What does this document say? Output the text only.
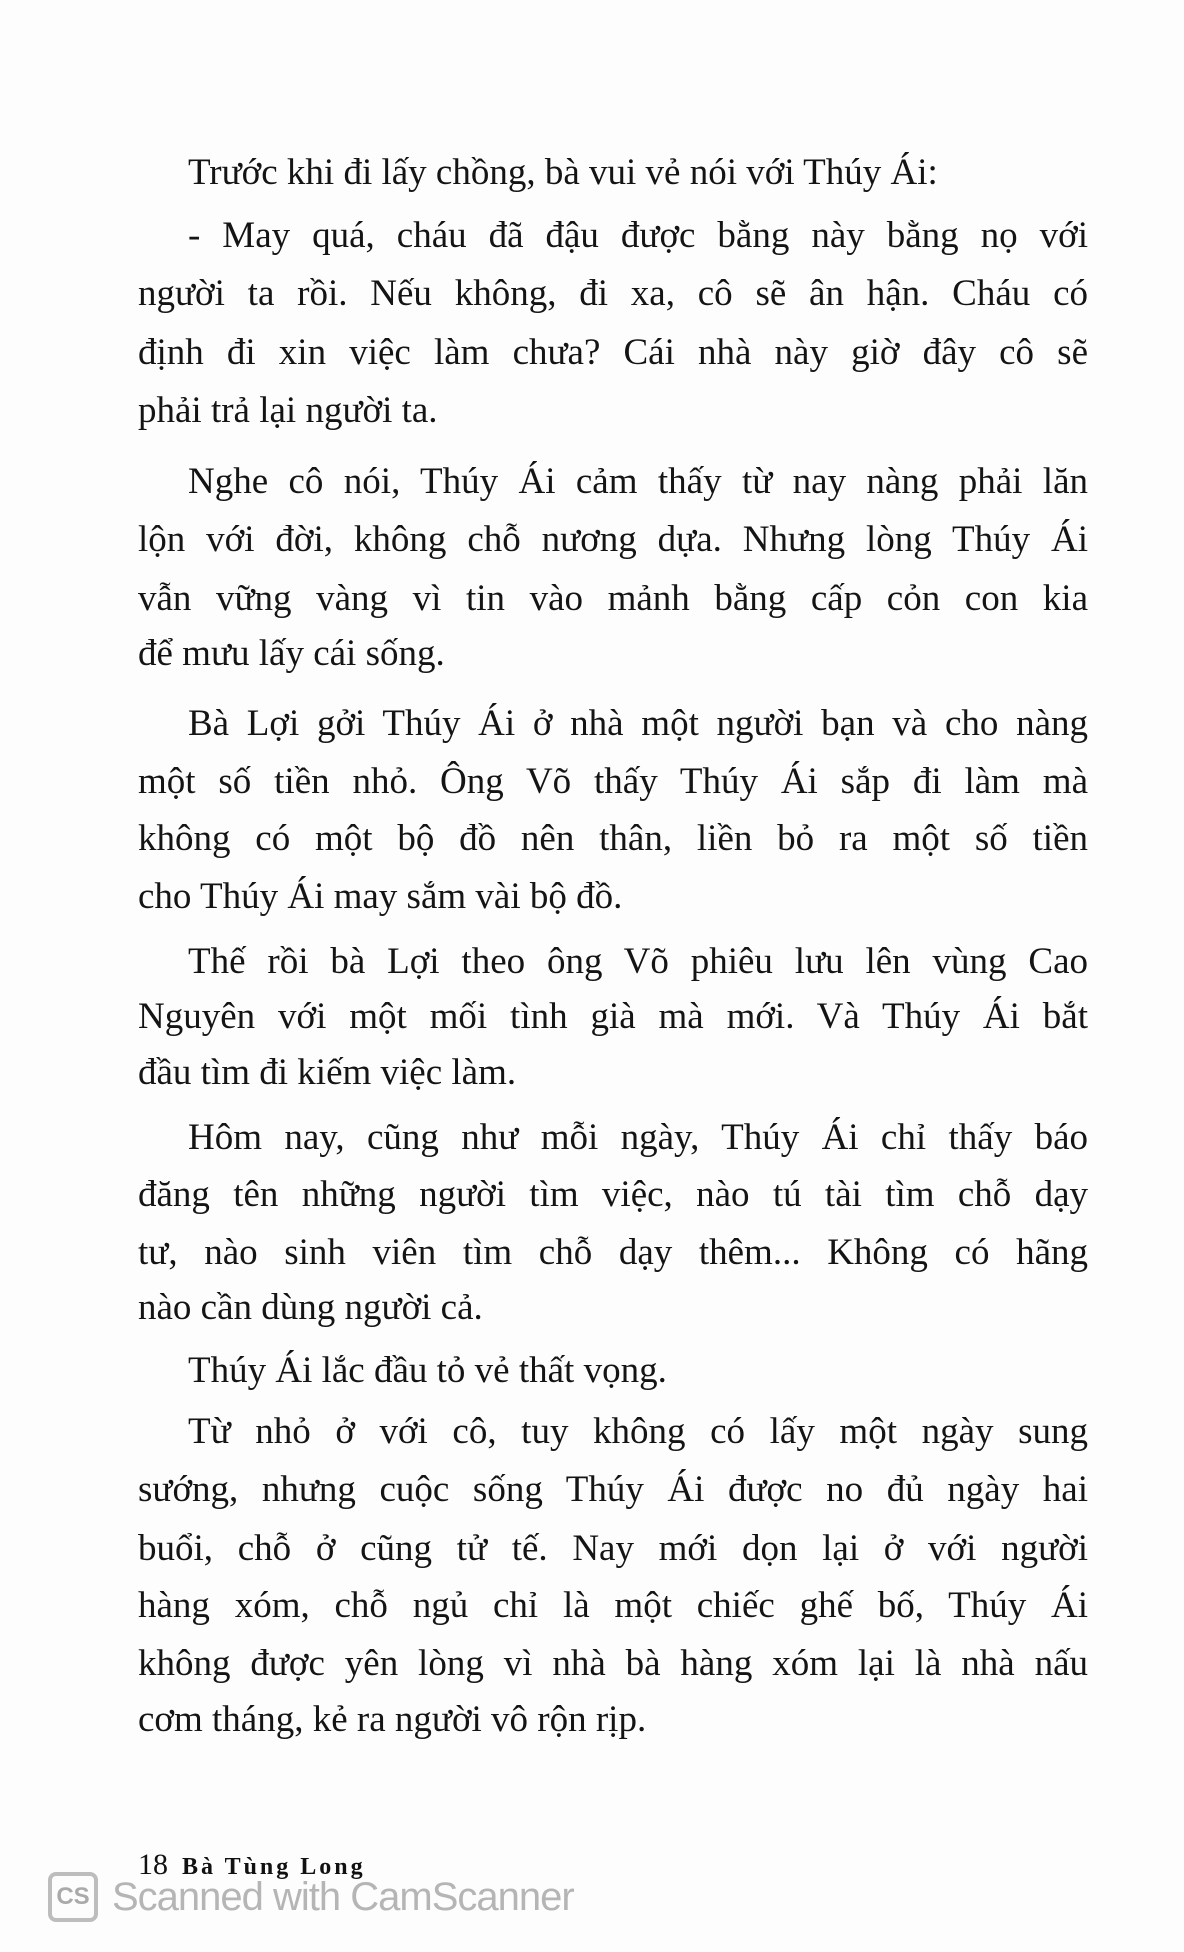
Trước khi đi lấy chồng, bà vui vẻ nói với Thúy Ái:
- May quá, cháu đã đậu được bằng này bằng nọ với
người ta rồi. Nếu không, đi xa, cô sẽ ân hận. Cháu có
định đi xin việc làm chưa? Cái nhà này giờ đây cô sẽ
phải trả lại người ta.
Nghe cô nói, Thúy Ái cảm thấy từ nay nàng phải lăn
lộn với đời, không chỗ nương dựa. Nhưng lòng Thúy Ái
vẫn vững vàng vì tin vào mảnh bằng cấp cỏn con kia
để mưu lấy cái sống.
Bà Lợi gởi Thúy Ái ở nhà một người bạn và cho nàng
một số tiền nhỏ. Ông Võ thấy Thúy Ái sắp đi làm mà
không có một bộ đồ nên thân, liền bỏ ra một số tiền
cho Thúy Ái may sắm vài bộ đồ.
Thế rồi bà Lợi theo ông Võ phiêu lưu lên vùng Cao
Nguyên với một mối tình già mà mới. Và Thúy Ái bắt
đầu tìm đi kiếm việc làm.
Hôm nay, cũng như mỗi ngày, Thúy Ái chỉ thấy báo
đăng tên những người tìm việc, nào tú tài tìm chỗ dạy
tư, nào sinh viên tìm chỗ dạy thêm... Không có hãng
nào cần dùng người cả.
Thúy Ái lắc đầu tỏ vẻ thất vọng.
Từ nhỏ ở với cô, tuy không có lấy một ngày sung
sướng, nhưng cuộc sống Thúy Ái được no đủ ngày hai
buổi, chỗ ở cũng tử tế. Nay mới dọn lại ở với người
hàng xóm, chỗ ngủ chỉ là một chiếc ghế bố, Thúy Ái
không được yên lòng vì nhà bà hàng xóm lại là nhà nấu
cơm tháng, kẻ ra người vô rộn rịp.
18 Bà Tùng Long
CS Scanned with CamScanner
